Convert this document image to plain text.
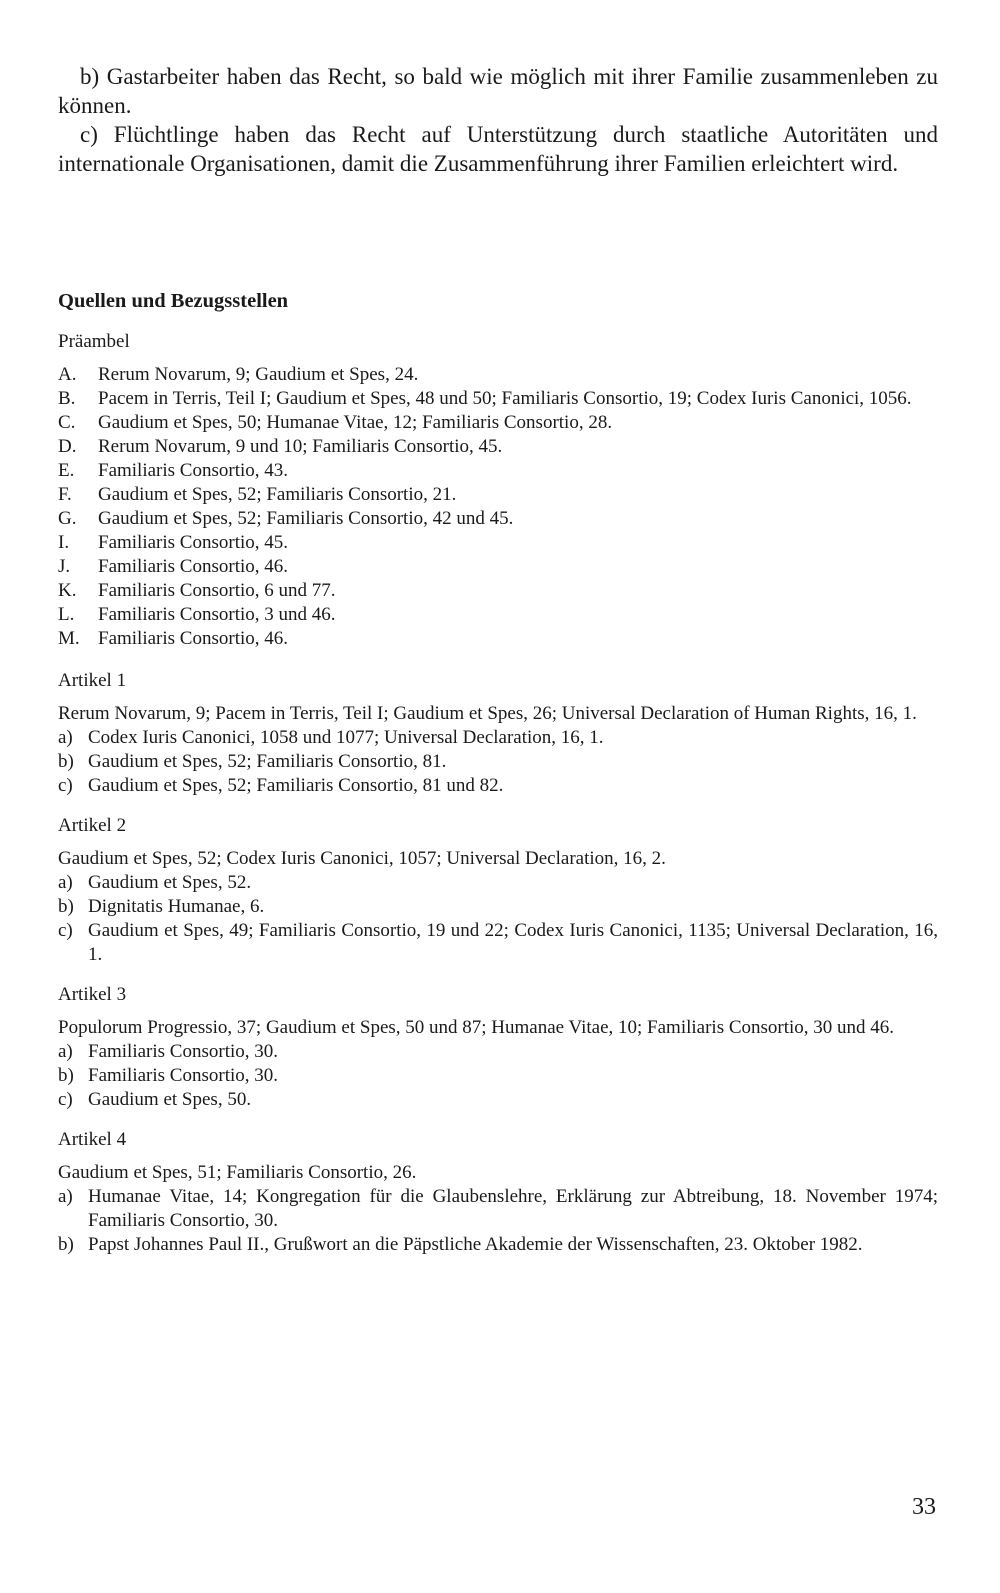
b) Gastarbeiter haben das Recht, so bald wie möglich mit ihrer Familie zusammenleben zu können.

c) Flüchtlinge haben das Recht auf Unterstützung durch staatliche Autoritäten und internationale Organisationen, damit die Zusammenführung ihrer Familien erleichtert wird.

Quellen und Bezugsstellen

Präambel

A.	Rerum Novarum, 9; Gaudium et Spes, 24.
B.	Pacem in Terris, Teil I; Gaudium et Spes, 48 und 50; Familiaris Consortio, 19; Codex Iuris Canonici, 1056.
C.	Gaudium et Spes, 50; Humanae Vitae, 12; Familiaris Consortio, 28.
D.	Rerum Novarum, 9 und 10; Familiaris Consortio, 45.
E.	Familiaris Consortio, 43.
F.	Gaudium et Spes, 52; Familiaris Consortio, 21.
G.	Gaudium et Spes, 52; Familiaris Consortio, 42 und 45.
I.	Familiaris Consortio, 45.
J.	Familiaris Consortio, 46.
K.	Familiaris Consortio, 6 und 77.
L.	Familiaris Consortio, 3 und 46.
M. Familiaris Consortio, 46.

Artikel 1

Rerum Novarum, 9; Pacem in Terris, Teil I; Gaudium et Spes, 26; Universal Declaration of Human Rights, 16, 1.

a) Codex Iuris Canonici, 1058 und 1077; Universal Declaration, 16, 1.
b) Gaudium et Spes, 52; Familiaris Consortio, 81.
c) Gaudium et Spes, 52; Familiaris Consortio, 81 und 82.

Artikel 2

Gaudium et Spes, 52; Codex Iuris Canonici, 1057; Universal Declaration, 16, 2.

a) Gaudium et Spes, 52.
b) Dignitatis Humanae, 6.
c) Gaudium et Spes, 49; Familiaris Consortio, 19 und 22; Codex Iuris Canonici, 1135; Universal Declaration, 16, 1.

Artikel 3

Populorum Progressio, 37; Gaudium et Spes, 50 und 87; Humanae Vitae, 10; Familiaris Consortio, 30 und 46.

a) Familiaris Consortio, 30.
b) Familiaris Consortio, 30.
c) Gaudium et Spes, 50.

Artikel 4

Gaudium et Spes, 51; Familiaris Consortio, 26.

a) Humanae Vitae, 14; Kongregation für die Glaubenslehre, Erklärung zur Abtreibung, 18. November 1974; Familiaris Consortio, 30.
b) Papst Johannes Paul II., Grußwort an die Päpstliche Akademie der Wissenschaften, 23. Oktober 1982.
33
